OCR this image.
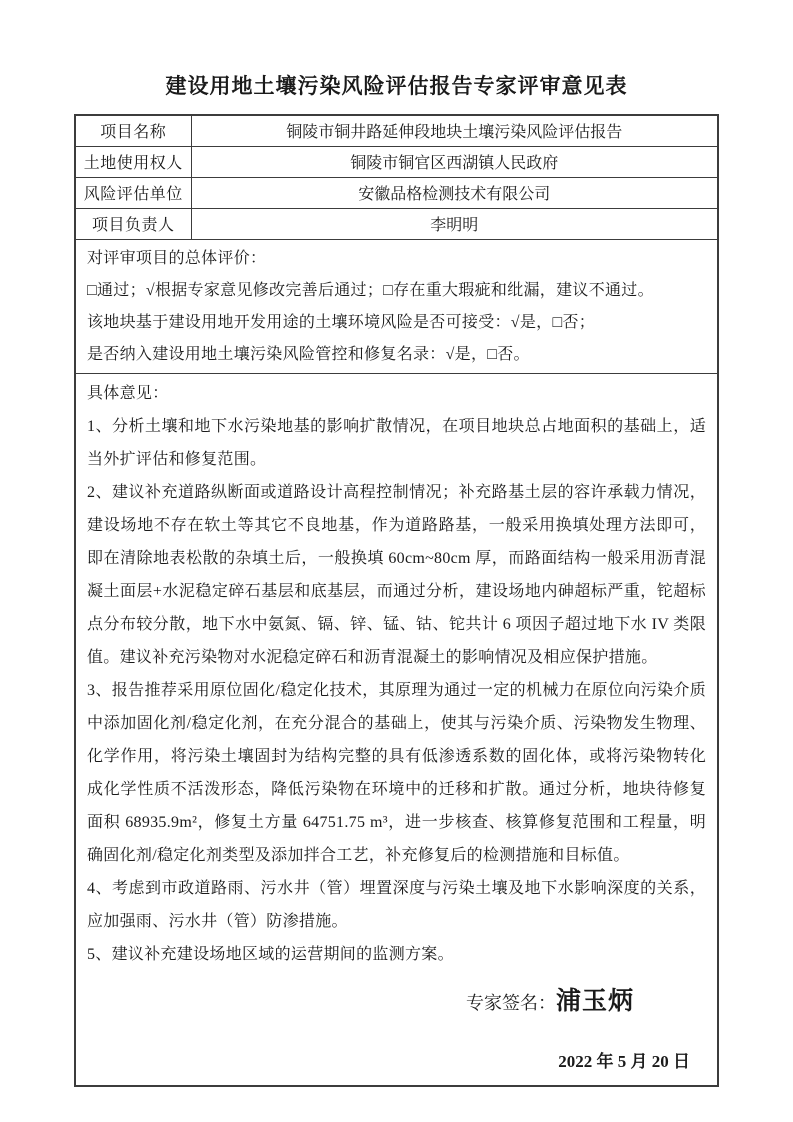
建设用地土壤污染风险评估报告专家评审意见表
项目名称	铜陵市铜井路延伸段地块土壤污染风险评估报告
土地使用权人	铜陵市铜官区西湖镇人民政府
风险评估单位	安徽品格检测技术有限公司
项目负责人	李明明

对评审项目的总体评价：

□通过；√根据专家意见修改完善后通过；□存在重大瑕疵和纰漏，建议不通过。

该地块基于建设用地开发用途的土壤环境风险是否可接受：√是，□否；

是否纳入建设用地土壤污染风险管控和修复名录：√是，□否。	

具体意见：

1、分析土壤和地下水污染地基的影响扩散情况，在项目地块总占地面积的基础上，适当外扩评估和修复范围。

2、建议补充道路纵断面或道路设计高程控制情况；补充路基土层的容许承载力情况，建设场地不存在软土等其它不良地基，作为道路路基，一般采用换填处理方法即可，即在清除地表松散的杂填土后，一般换填 60cm~80cm 厚，而路面结构一般采用沥青混凝土面层+水泥稳定碎石基层和底基层，而通过分析，建设场地内砷超标严重，铊超标点分布较分散，地下水中氨氮、镉、锌、锰、钴、铊共计 6 项因子超过地下水 IV 类限值。建议补充污染物对水泥稳定碎石和沥青混凝土的影响情况及相应保护措施。

3、报告推荐采用原位固化/稳定化技术，其原理为通过一定的机械力在原位向污染介质中添加固化剂/稳定化剂，在充分混合的基础上，使其与污染介质、污染物发生物理、化学作用，将污染土壤固封为结构完整的具有低渗透系数的固化体，或将污染物转化成化学性质不活泼形态，降低污染物在环境中的迁移和扩散。通过分析，地块待修复面积 68935.9m²，修复土方量 64751.75 m³，进一步核查、核算修复范围和工程量，明确固化剂/稳定化剂类型及添加拌合工艺，补充修复后的检测措施和目标值。

4、考虑到市政道路雨、污水井（管）埋置深度与污染土壤及地下水影响深度的关系，应加强雨、污水井（管）防渗措施。

5、建议补充建设场地区域的运营期间的监测方案。

专家签名：浦玉炳
2022 年 5 月 20 日
